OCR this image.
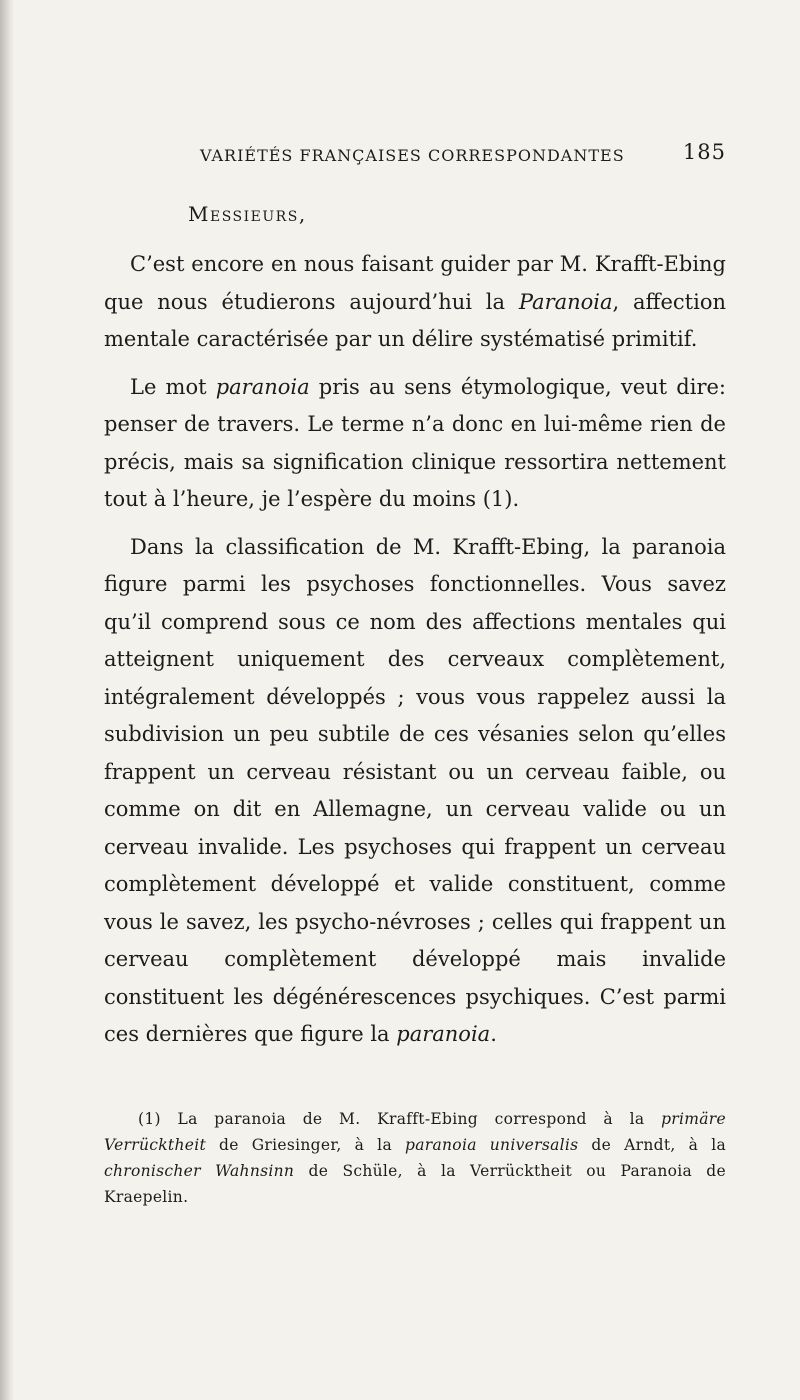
VARIÉTÉS FRANÇAISES CORRESPONDANTES	185
Messieurs,

C’est encore en nous faisant guider par M. Krafft-Ebing que nous étudierons aujourd’hui la Paranoia, affection mentale caractérisée par un délire systématisé primitif.

Le mot paranoia pris au sens étymologique, veut dire: penser de travers. Le terme n’a donc en lui-même rien de précis, mais sa signification clinique ressortira nettement tout à l’heure, je l’espère du moins (1).

Dans la classification de M. Krafft-Ebing, la paranoia figure parmi les psychoses fonctionnelles. Vous savez qu’il comprend sous ce nom des affections mentales qui atteignent uniquement des cerveaux complètement, intégralement développés ; vous vous rappelez aussi la subdivision un peu subtile de ces vésanies selon qu’elles frappent un cerveau résistant ou un cerveau faible, ou comme on dit en Allemagne, un cerveau valide ou un cerveau invalide. Les psychoses qui frappent un cerveau complètement développé et valide constituent, comme vous le savez, les psycho-névroses ; celles qui frappent un cerveau complètement développé mais invalide constituent les dégénérescences psychiques. C’est parmi ces dernières que figure la paranoia.

(1) La paranoia de M. Krafft-Ebing correspond à la primäre Verrücktheit de Griesinger, à la paranoia universalis de Arndt, à la chronischer Wahnsinn de Schüle, à la Verrücktheit ou Paranoia de Kraepelin.
